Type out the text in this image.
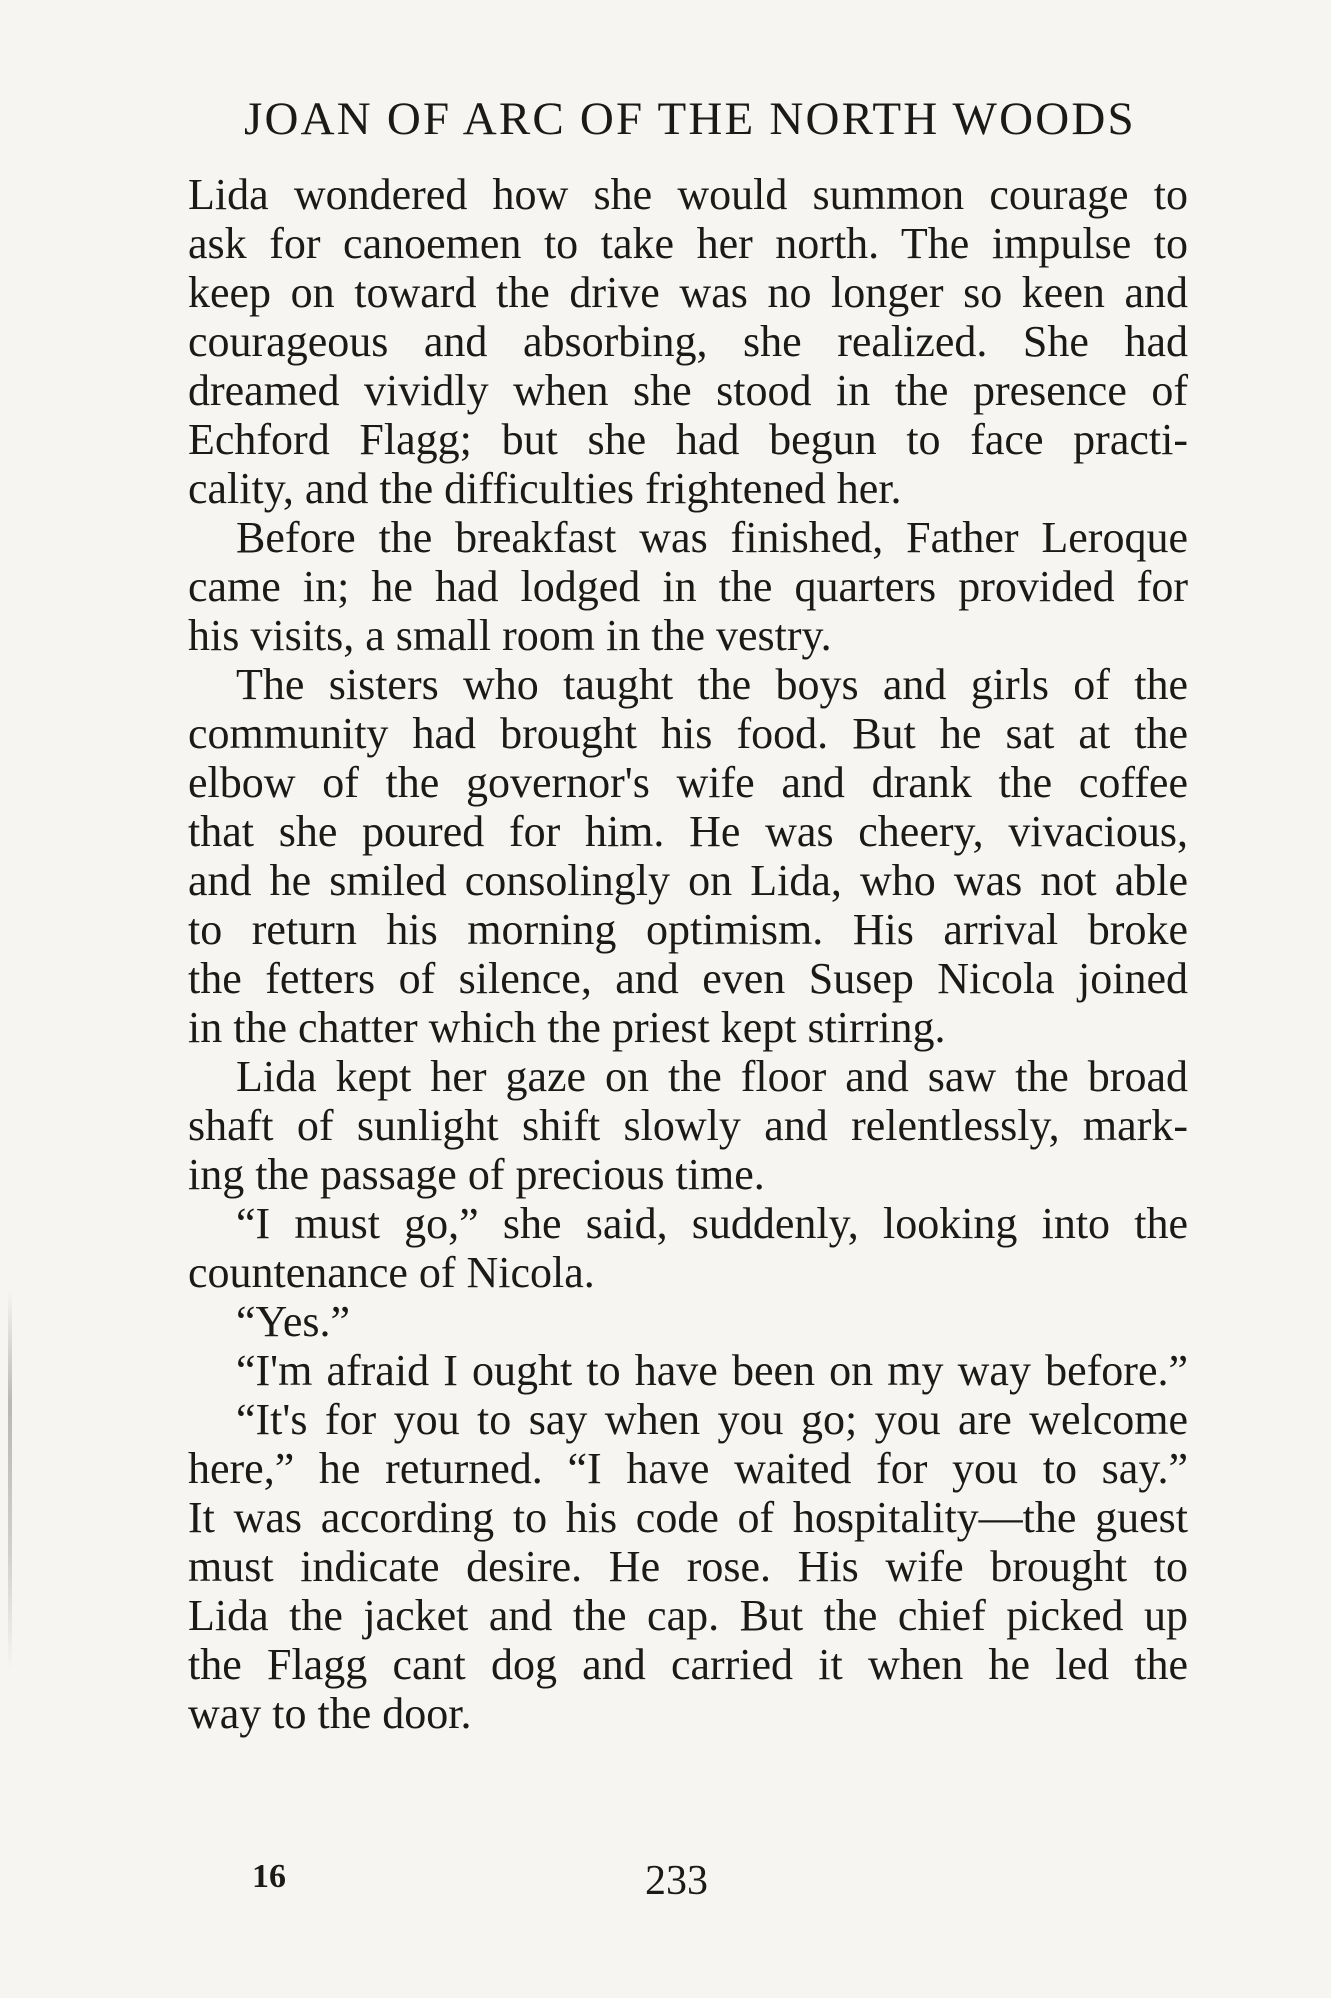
JOAN OF ARC OF THE NORTH WOODS
Lida wondered how she would summon courage to
ask for canoemen to take her north. The impulse to
keep on toward the drive was no longer so keen and
courageous and absorbing, she realized. She had
dreamed vividly when she stood in the presence of
Echford Flagg; but she had begun to face practi-
cality, and the difficulties frightened her.
Before the breakfast was finished, Father Leroque
came in; he had lodged in the quarters provided for
his visits, a small room in the vestry.
The sisters who taught the boys and girls of the
community had brought his food. But he sat at the
elbow of the governor's wife and drank the coffee
that she poured for him. He was cheery, vivacious,
and he smiled consolingly on Lida, who was not able
to return his morning optimism. His arrival broke
the fetters of silence, and even Susep Nicola joined
in the chatter which the priest kept stirring.
Lida kept her gaze on the floor and saw the broad
shaft of sunlight shift slowly and relentlessly, mark-
ing the passage of precious time.
“I must go,” she said, suddenly, looking into the
countenance of Nicola.
“Yes.”
“I'm afraid I ought to have been on my way before.”
“It's for you to say when you go; you are welcome
here,” he returned. “I have waited for you to say.”
It was according to his code of hospitality—the guest
must indicate desire. He rose. His wife brought to
Lida the jacket and the cap. But the chief picked up
the Flagg cant dog and carried it when he led the
way to the door.
16	233
